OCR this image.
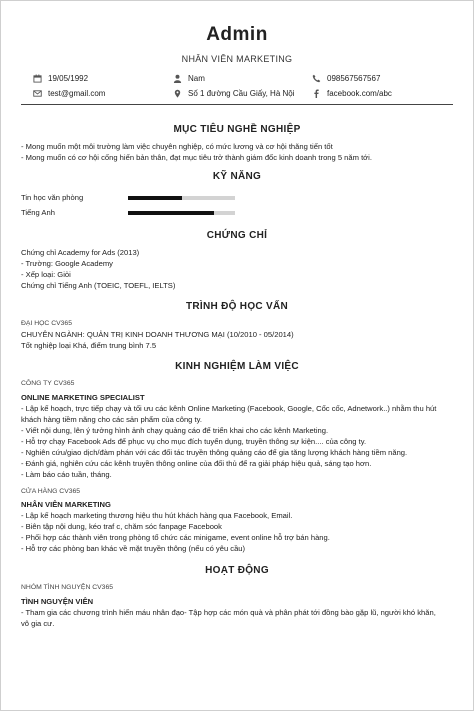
Admin
NHÂN VIÊN MARKETING
19/05/1992	Nam	098567567567
test@gmail.com	Số 1 đường Cầu Giấy, Hà Nội	facebook.com/abc
MỤC TIÊU NGHỀ NGHIỆP
- Mong muốn một môi trường làm việc chuyên nghiệp, có mức lương và cơ hội thăng tiến tốt
- Mong muốn có cơ hội cống hiến bản thân, đạt mục tiêu trở thành giám đốc kinh doanh trong 5 năm tới.
KỸ NĂNG
Tin học văn phòng
Tiếng Anh
CHỨNG CHỈ
Chứng chỉ Academy for Ads (2013)
- Trường: Google Academy
- Xếp loại: Giỏi
Chứng chỉ Tiếng Anh (TOEIC, TOEFL, IELTS)
TRÌNH ĐỘ HỌC VẤN
ĐẠI HỌC CV365
CHUYÊN NGÀNH: QUẢN TRỊ KINH DOANH THƯƠNG MẠI (10/2010 - 05/2014)
Tốt nghiệp loại Khá, điểm trung bình 7.5
KINH NGHIỆM LÀM VIỆC
CÔNG TY CV365
ONLINE MARKETING SPECIALIST
- Lập kế hoạch, trực tiếp chạy và tối ưu các kênh Online Marketing (Facebook, Google, Cốc cốc, Adnetwork..) nhằm thu hút
khách hàng tiềm năng cho các sản phẩm của công ty.
- Viết nội dung, lên ý tưởng hình ảnh chạy quảng cáo để triển khai cho các kênh Marketing.
- Hỗ trợ chạy Facebook Ads để phục vụ cho mục đích tuyển dụng, truyền thông sự kiện.... của công ty.
- Nghiên cứu/giao dịch/đàm phán với các đối tác truyền thông quảng cáo để gia tăng lượng khách hàng tiềm năng.
- Đánh giá, nghiên cứu các kênh truyền thông online của đối thủ để ra giải pháp hiệu quả, sáng tạo hơn.
- Làm báo cáo tuần, tháng.
CỬA HÀNG CV365
NHÂN VIÊN MARKETING
- Lập kế hoạch marketing thương hiệu thu hút khách hàng qua Facebook, Email.
- Biên tập nội dung, kéo traf c, chăm sóc fanpage Facebook
- Phối hợp các thành viên trong phòng tổ chức các minigame, event online hỗ trợ bán hàng.
- Hỗ trợ các phòng ban khác về mặt truyền thông (nếu có yêu cầu)
HOẠT ĐỘNG
NHÓM TÌNH NGUYỆN CV365
TÌNH NGUYỆN VIÊN
- Tham gia các chương trình hiến máu nhân đạo- Tập hợp các món quà và phân phát tới đồng bào gặp lũ, người khó khăn,
vô gia cư.
